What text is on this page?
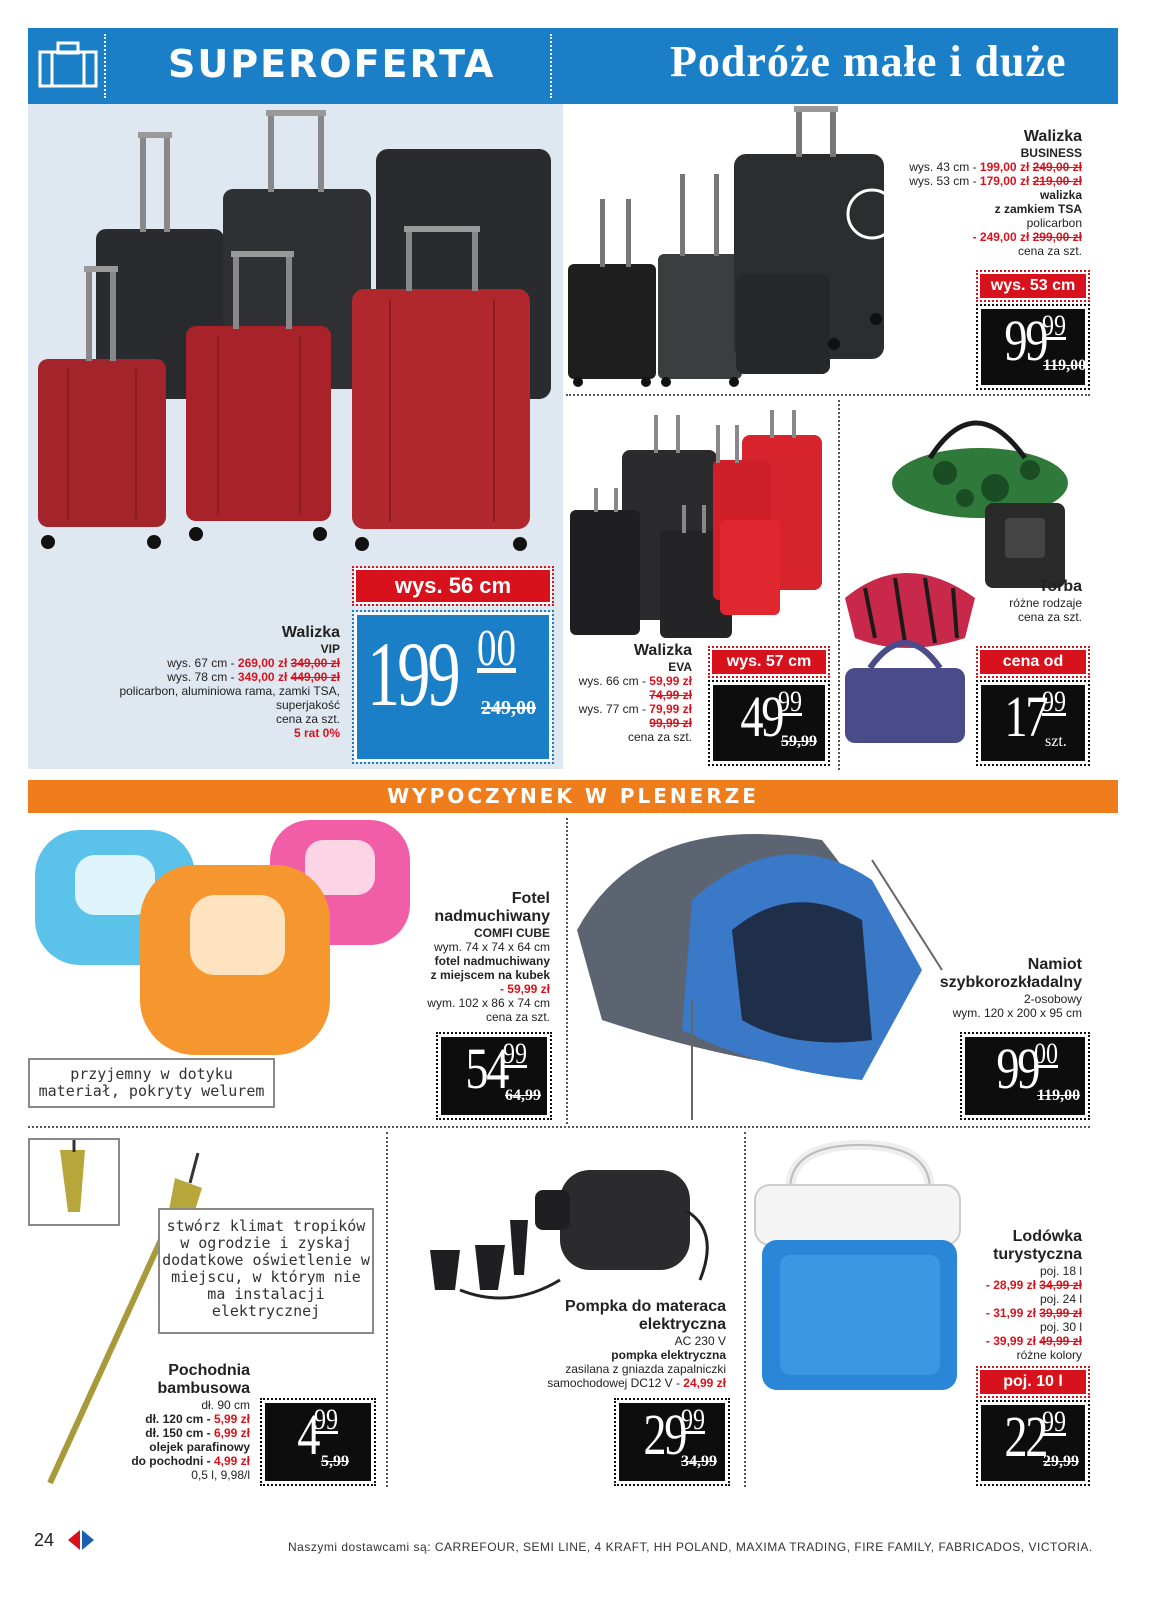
SUPEROFERTA	Podróże małe i duże
Walizka
VIP
wys. 67 cm - 269,00 zł 349,00 zł
wys. 78 cm - 349,00 zł 449,00 zł
policarbon, aluminiowa rama, zamki TSA,
superjakość
cena za szt.
5 rat 0%
wys. 56 cm
199 00
249,00
Walizka
BUSINESS
wys. 43 cm - 199,00 zł 249,00 zł
wys. 53 cm - 179,00 zł 219,00 zł
walizka
z zamkiem TSA
policarbon
- 249,00 zł 299,00 zł
cena za szt.
wys. 53 cm
99
99
119,00
Walizka
EVA
wys. 66 cm - 59,99 zł
74,99 zł
wys. 77 cm - 79,99 zł
99,99 zł
cena za szt.
wys. 57 cm
49
99
59,99
Torba
różne rodzaje
cena za szt.
cena od
17
99
szt.
WYPOCZYNEK W PLENERZE
przyjemny w dotyku materiał, pokryty welurem
Fotel
nadmuchiwany
COMFI CUBE
wym. 74 x 74 x 64 cm
fotel nadmuchiwany
z miejscem na kubek
- 59,99 zł
wym. 102 x 86 x 74 cm
cena za szt.
54
99
64,99
Namiot
szybkorozkładalny
2-osobowy
wym. 120 x 200 x 95 cm
99
00
119,00
stwórz klimat tropików w ogrodzie i zyskaj dodatkowe oświetlenie w miejscu, w którym nie ma instalacji elektrycznej
Pochodnia
bambusowa
dł. 90 cm
dł. 120 cm - 5,99 zł
dł. 150 cm - 6,99 zł
olejek parafinowy
do pochodni - 4,99 zł
0,5 l, 9,98/l
4
99
5,99
Pompka do materaca
elektryczna
AC 230 V
pompka elektryczna
zasilana z gniazda zapalniczki
samochodowej DC12 V - 24,99 zł
29
99
34,99
Lodówka
turystyczna
poj. 18 l
- 28,99 zł 34,99 zł
poj. 24 l
- 31,99 zł 39,99 zł
poj. 30 l
- 39,99 zł 49,99 zł
różne kolory
poj. 10 l
22
99
29,99
24	Naszymi dostawcami są: CARREFOUR, SEMI LINE, 4 KRAFT, HH POLAND, MAXIMA TRADING, FIRE FAMILY, FABRICADOS, VICTORIA.
